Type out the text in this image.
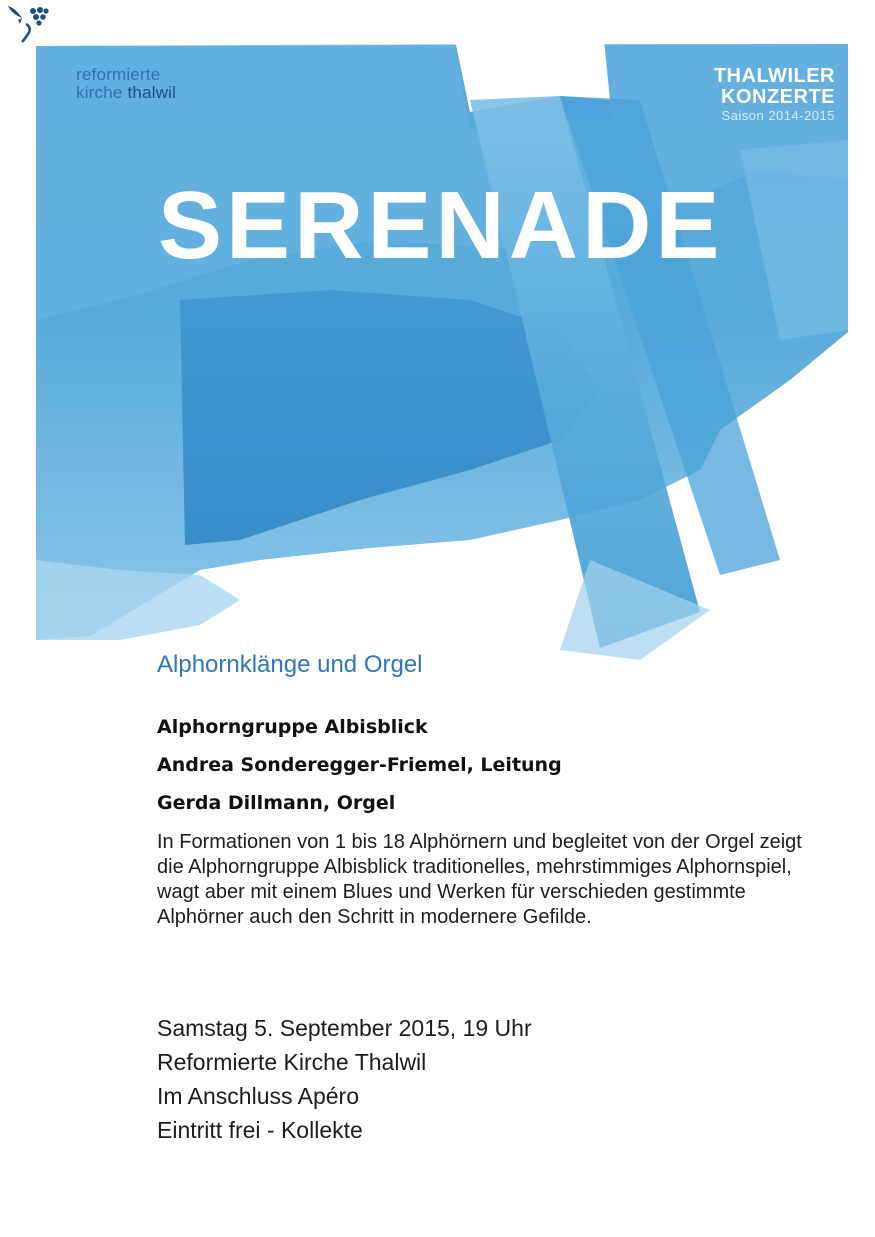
reformierte
kirche thalwil
THALWILER
KONZERTE
Saison 2014-2015
SERENADE
Alphornklänge und Orgel
Alphorngruppe Albisblick
Andrea Sonderegger-Friemel, Leitung
Gerda Dillmann, Orgel
In Formationen von 1 bis 18 Alphörnern und begleitet von der Orgel zeigt die Alphorngruppe Albisblick traditionelles, mehrstimmiges Alphornspiel, wagt aber mit einem Blues und Werken für verschieden gestimmte Alphörner auch den Schritt in modernere Gefilde.
Samstag 5. September 2015, 19 Uhr
Reformierte Kirche Thalwil
Im Anschluss Apéro
Eintritt frei - Kollekte
